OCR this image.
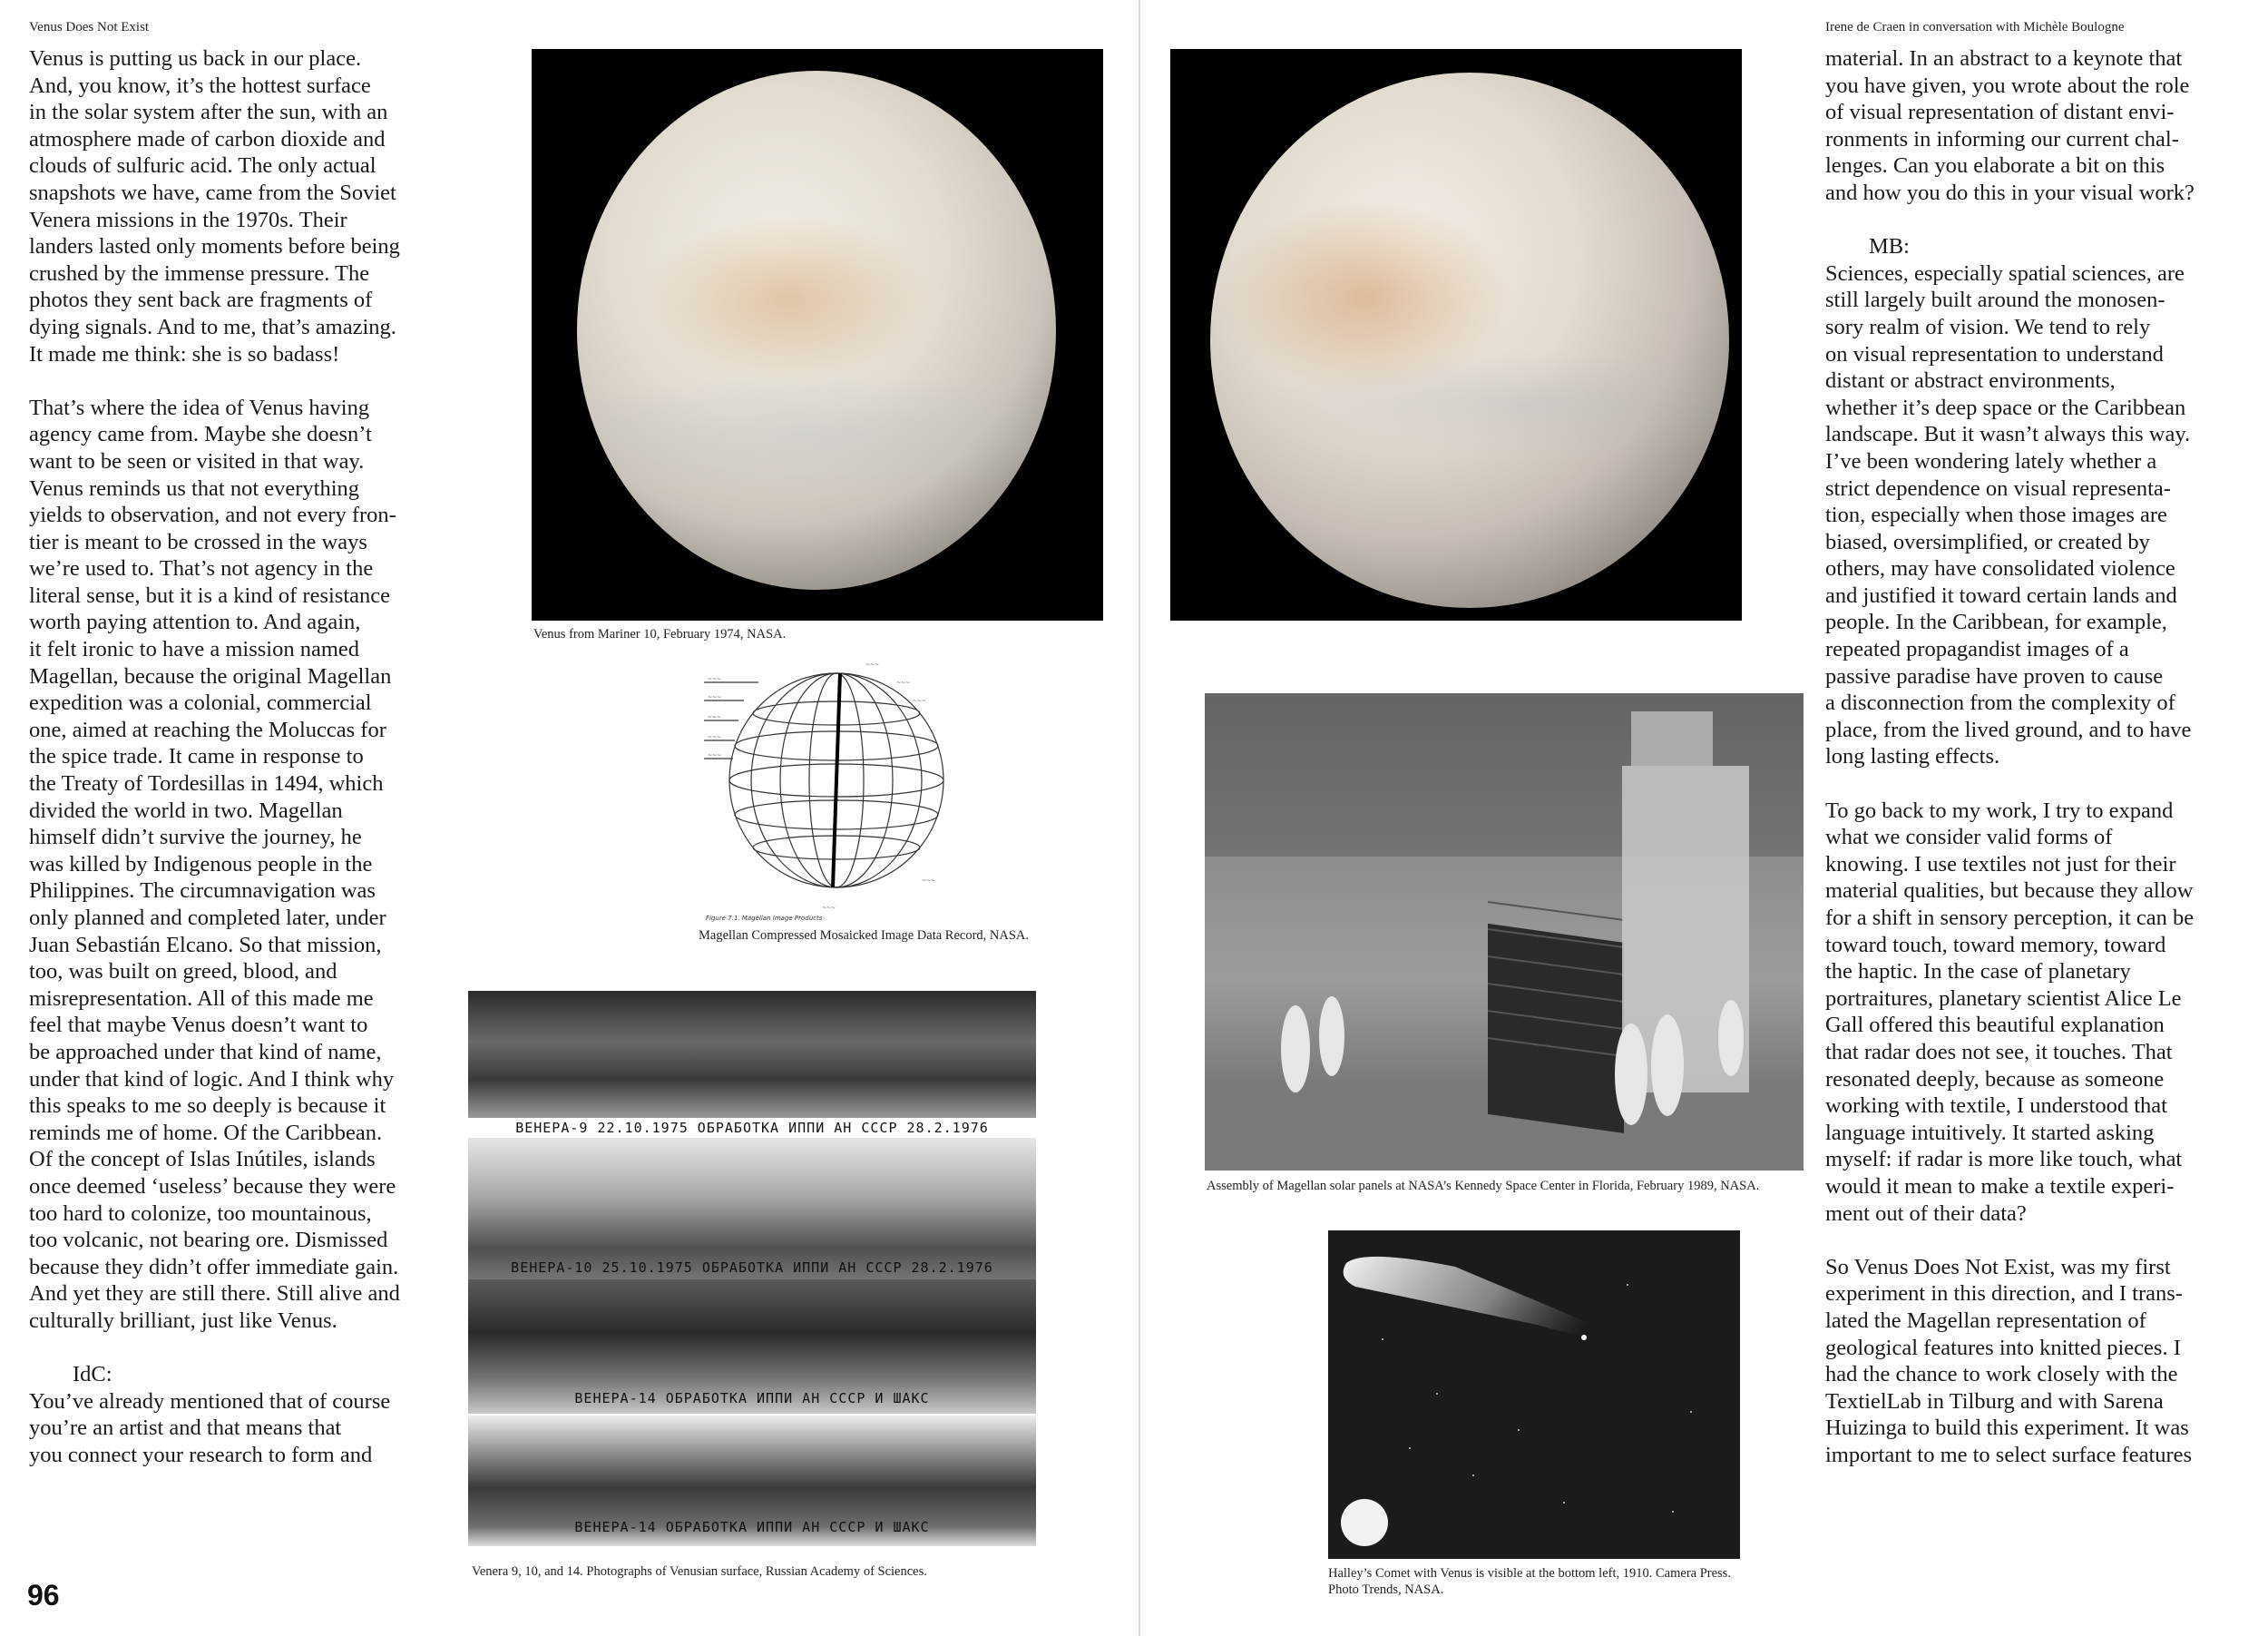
Venus Does Not Exist

Venus is putting us back in our place.

And, you know, it’s the hottest surface

in the solar system after the sun, with an

atmosphere made of carbon dioxide and

clouds of sulfuric acid. The only actual

snapshots we have, came from the Soviet

Venera missions in the 1970s. Their

landers lasted only moments before being

crushed by the immense pressure. The

photos they sent back are fragments of

dying signals. And to me, that’s amazing.

It made me think: she is so badass!

That’s where the idea of Venus having

agency came from. Maybe she doesn’t

want to be seen or visited in that way.

Venus reminds us that not everything

yields to observation, and not every fron-

tier is meant to be crossed in the ways

we’re used to. That’s not agency in the

literal sense, but it is a kind of resistance

worth paying attention to. And again,

it felt ironic to have a mission named

Magellan, because the original Magellan

expedition was a colonial, commercial

one, aimed at reaching the Moluccas for

the spice trade. It came in response to

the Treaty of Tordesillas in 1494, which

divided the world in two. Magellan

himself didn’t survive the journey, he

was killed by Indigenous people in the

Philippines. The circumnavigation was

only planned and completed later, under

Juan Sebastián Elcano. So that mission,

too, was built on greed, blood, and

misrepresentation. All of this made me

feel that maybe Venus doesn’t want to

be approached under that kind of name,

under that kind of logic. And I think why

this speaks to me so deeply is because it

reminds me of home. Of the Caribbean.

Of the concept of Islas Inútiles, islands

once deemed ‘useless’ because they were

too hard to colonize, too mountainous,

too volcanic, not bearing ore. Dismissed

because they didn’t offer immediate gain.

And yet they are still there. Still alive and

culturally brilliant, just like Venus.

IdC:

You’ve already mentioned that of course

you’re an artist and that means that

you connect your research to form and

Venus from Mariner 10, February 1974, NASA.
~~~
~~~
~~~
~~~
~~~
~~~
~~~
~~~
~~~
~~~
Figure 7.1. Magellan Image Products
Magellan Compressed Mosaicked Image Data Record, NASA.
ВЕНЕРА-9 22.10.1975 ОБРАБОТКА ИППИ АН СССР 28.2.1976
ВЕНЕРА-10 25.10.1975 ОБРАБОТКА ИППИ АН СССР 28.2.1976
ВЕНЕРА-14 ОБРАБОТКА ИППИ АН СССР И ШАКС
ВЕНЕРА-14 ОБРАБОТКА ИППИ АН СССР И ШАКС
Venera 9, 10, and 14. Photographs of Venusian surface, Russian Academy of Sciences.
96
Irene de Craen in conversation with Michèle Boulogne
Assembly of Magellan solar panels at NASA’s Kennedy Space Center in Florida, February 1989, NASA.
Halley’s Comet with Venus is visible at the bottom left, 1910. Camera Press. Photo Trends, NASA.

material. In an abstract to a keynote that

you have given, you wrote about the role

of visual representation of distant envi-

ronments in informing our current chal-

lenges. Can you elaborate a bit on this

and how you do this in your visual work?

MB:

Sciences, especially spatial sciences, are

still largely built around the monosen-

sory realm of vision. We tend to rely

on visual representation to understand

distant or abstract environments,

whether it’s deep space or the Caribbean

landscape. But it wasn’t always this way.

I’ve been wondering lately whether a

strict dependence on visual representa-

tion, especially when those images are

biased, oversimplified, or created by

others, may have consolidated violence

and justified it toward certain lands and

people. In the Caribbean, for example,

repeated propagandist images of a

passive paradise have proven to cause

a disconnection from the complexity of

place, from the lived ground, and to have

long lasting effects.

To go back to my work, I try to expand

what we consider valid forms of

knowing. I use textiles not just for their

material qualities, but because they allow

for a shift in sensory perception, it can be

toward touch, toward memory, toward

the haptic. In the case of planetary

portraitures, planetary scientist Alice Le

Gall offered this beautiful explanation

that radar does not see, it touches. That

resonated deeply, because as someone

working with textile, I understood that

language intuitively. It started asking

myself: if radar is more like touch, what

would it mean to make a textile experi-

ment out of their data?

So Venus Does Not Exist, was my first

experiment in this direction, and I trans-

lated the Magellan representation of

geological features into knitted pieces. I

had the chance to work closely with the

TextielLab in Tilburg and with Sarena

Huizinga to build this experiment. It was

important to me to select surface features
